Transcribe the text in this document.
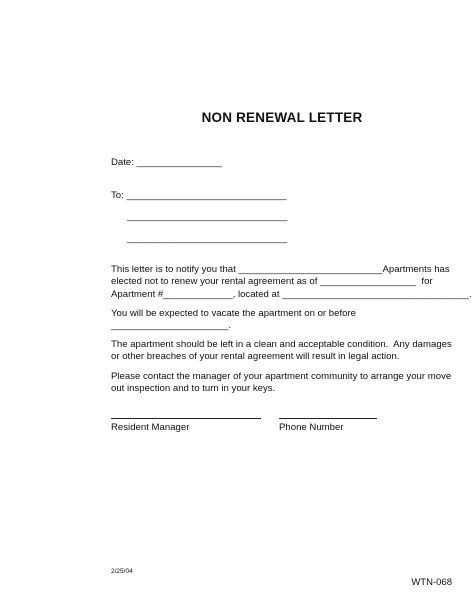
NON RENEWAL LETTER
Date: ________________
To: ______________________________
______________________________
______________________________
This letter is to notify you that ___________________________Apartments has
elected not to renew your rental agreement as of __________________  for
Apartment #_____________, located at ___________________________________.
You will be expected to vacate the apartment on or before
______________________.
The apartment should be left in a clean and acceptable condition.  Any damages
or other breaches of your rental agreement will result in legal action.
Please contact the manager of your apartment community to arrange your move
out inspection and to turn in your keys.
Resident Manager	Phone Number
2/25/04
WTN-068
